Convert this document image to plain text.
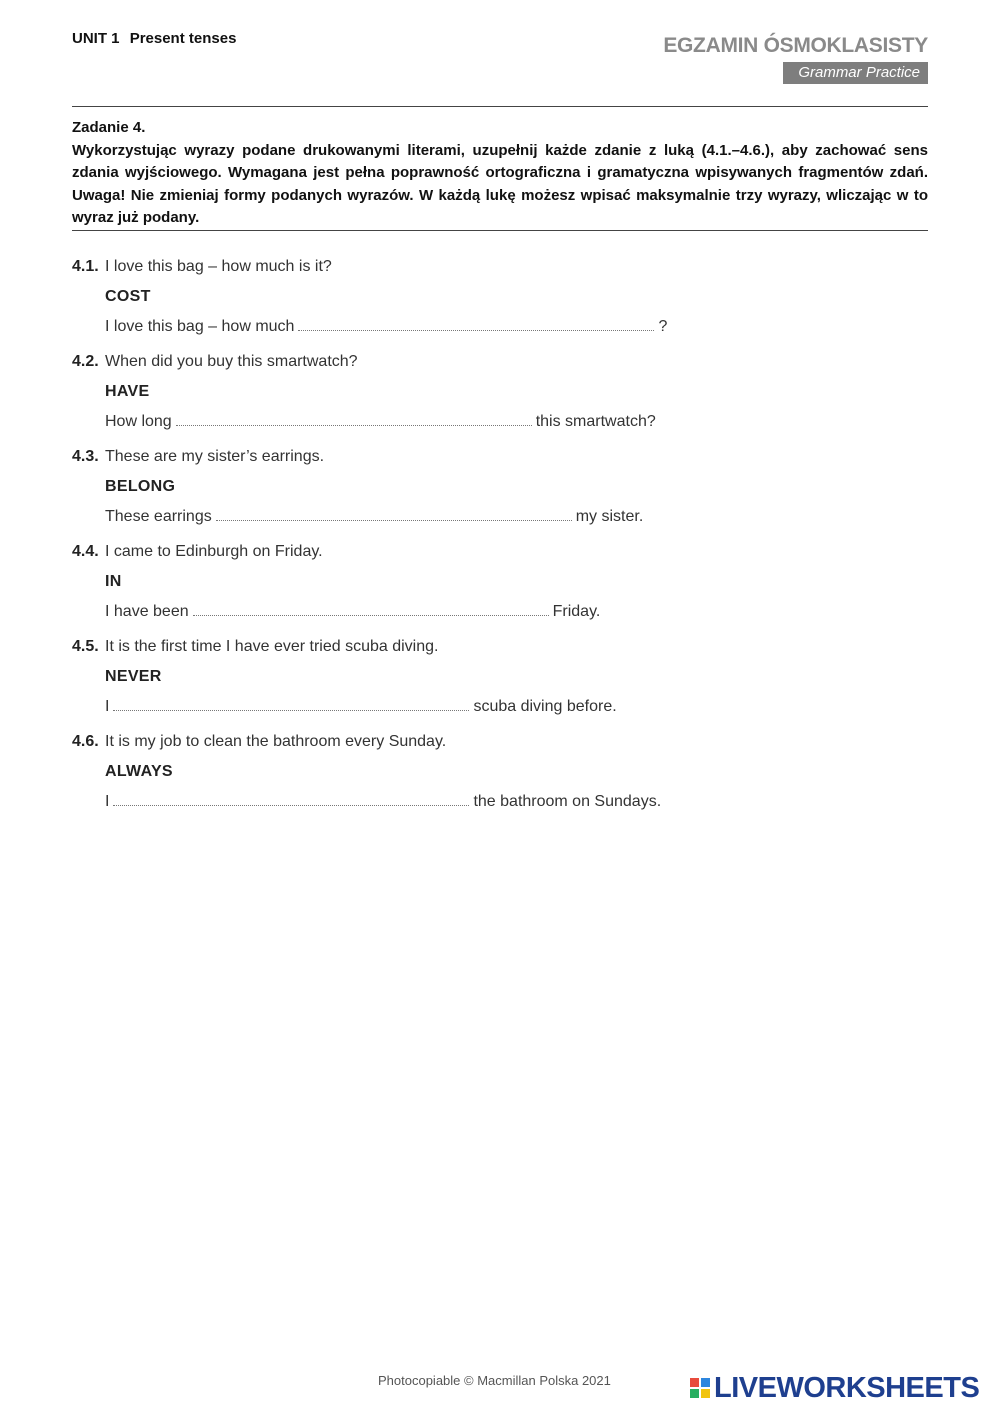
UNIT 1 Present tenses	EGZAMIN ÓSMOKLASISTY
Grammar Practice
Zadanie 4.
Wykorzystując wyrazy podane drukowanymi literami, uzupełnij każde zdanie z luką (4.1.–4.6.), aby zachować sens zdania wyjściowego. Wymagana jest pełna poprawność ortograficzna i gramatyczna wpisywanych fragmentów zdań. Uwaga! Nie zmieniaj formy podanych wyrazów. W każdą lukę możesz wpisać maksymalnie trzy wyrazy, wliczając w to wyraz już podany.
4.1. I love this bag – how much is it?
COST
I love this bag – how much	?
4.2. When did you buy this smartwatch?
HAVE
How long	this smartwatch?
4.3. These are my sister’s earrings.
BELONG
These earrings	my sister.
4.4. I came to Edinburgh on Friday.
IN
I have been	Friday.
4.5. It is the first time I have ever tried scuba diving.
NEVER
I	scuba diving before.
4.6. It is my job to clean the bathroom every Sunday.
ALWAYS
I	the bathroom on Sundays.
Photocopiable © Macmillan Polska 2021	LIVEWORKSHEETS
